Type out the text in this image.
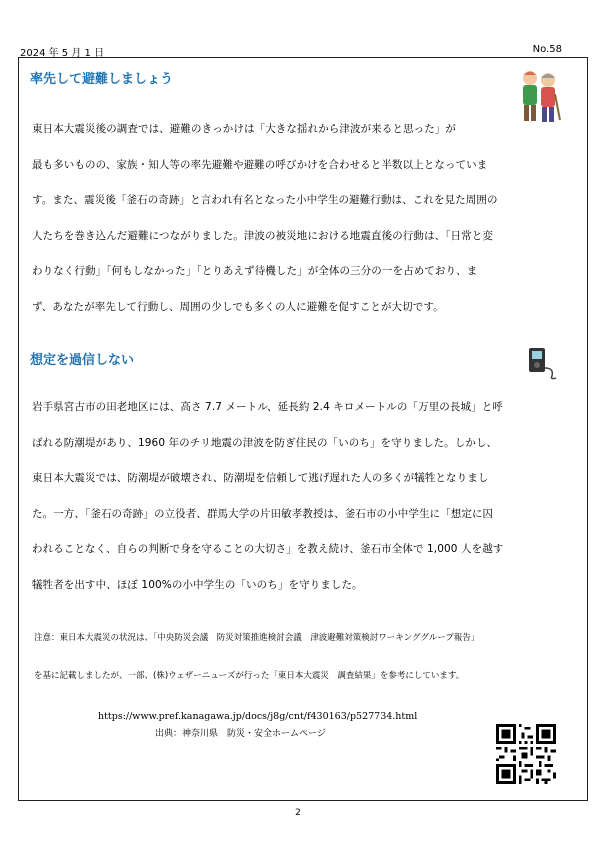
2024 年 5 月 1 日	No.58
率先して避難しましょう
東日本大震災後の調査では、避難のきっかけは「大きな揺れから津波が来ると思った」が
最も多いものの、家族・知人等の率先避難や避難の呼びかけを合わせると半数以上となっていま
す。また、震災後「釜石の奇跡」と言われ有名となった小中学生の避難行動は、これを見た周囲の
人たちを巻き込んだ避難につながりました。津波の被災地における地震直後の行動は、「日常と変
わりなく行動」「何もしなかった」「とりあえず待機した」が全体の三分の一を占めており、ま
ず、あなたが率先して行動し、周囲の少しでも多くの人に避難を促すことが大切です。
想定を過信しない
岩手県宮古市の田老地区には、高さ 7.7 メートル、延長約 2.4 キロメートルの「万里の長城」と呼
ばれる防潮堤があり、1960 年のチリ地震の津波を防ぎ住民の「いのち」を守りました。しかし、
東日本大震災では、防潮堤が破壊され、防潮堤を信頼して逃げ遅れた人の多くが犠牲となりまし
た。一方、「釜石の奇跡」の立役者、群馬大学の片田敏孝教授は、釜石市の小中学生に「想定に囚
われることなく、自らの判断で身を守ることの大切さ」を教え続け、釜石市全体で 1,000 人を越す
犠牲者を出す中、ほぼ 100%の小中学生の「いのち」を守りました。
注意：東日本大震災の状況は、「中央防災会議　防災対策推進検討会議　津波避難対策検討ワーキンググループ報告」
を基に記載しましたが、一部、(株)ウェザーニューズが行った「東日本大震災　調査結果」を参考にしています。
https://www.pref.kanagawa.jp/docs/j8g/cnt/f430163/p527734.html
出典：神奈川県　防災・安全ホームページ
2
